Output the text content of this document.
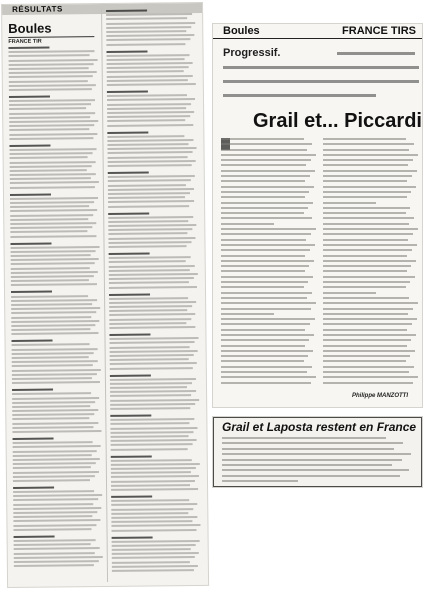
RÉSULTATS
Boules
FRANCE TIR
Boules	FRANCE TIRS
Progressif.
Grail et... Piccardi
Philippe MANZOTTI
Grail et Laposta restent en France
